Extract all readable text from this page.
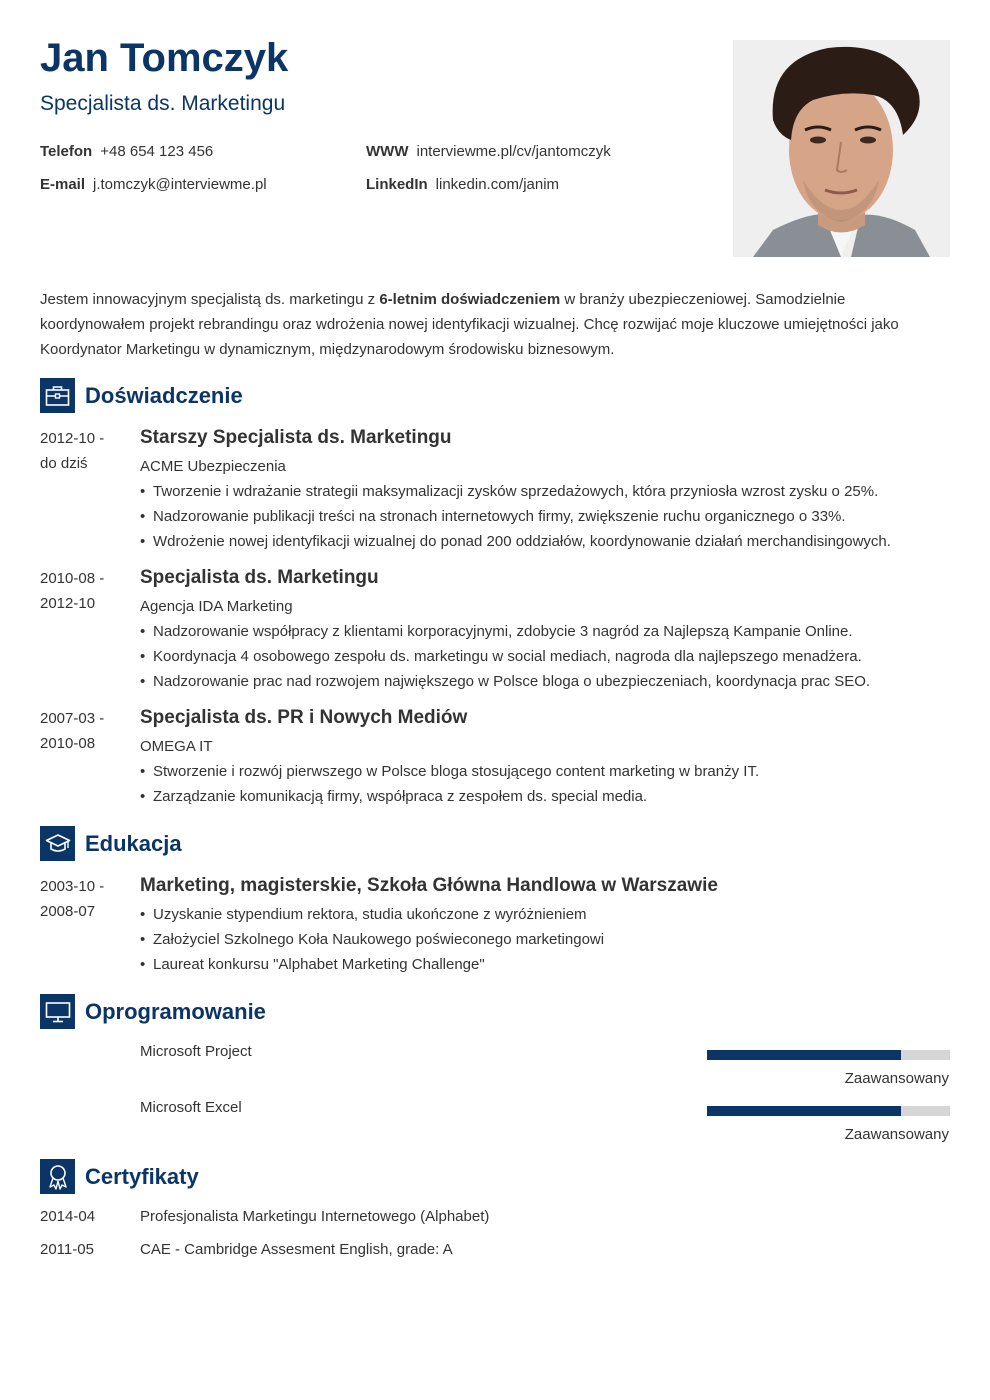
Jan Tomczyk
Specjalista ds. Marketingu
Telefon +48 654 123 456
E-mail j.tomczyk@interviewme.pl
WWW interviewme.pl/cv/jantomczyk
LinkedIn linkedin.com/janim
Jestem innowacyjnym specjalistą ds. marketingu z 6-letnim doświadczeniem w branży ubezpieczeniowej. Samodzielnie koordynowałem projekt rebrandingu oraz wdrożenia nowej identyfikacji wizualnej. Chcę rozwijać moje kluczowe umiejętności jako Koordynator Marketingu w dynamicznym, międzynarodowym środowisku biznesowym.
Doświadczenie
2012-10 -
do dziś
Starszy Specjalista ds. Marketingu
ACME Ubezpieczenia
• Tworzenie i wdrażanie strategii maksymalizacji zysków sprzedażowych, która przyniosła wzrost zysku o 25%.
• Nadzorowanie publikacji treści na stronach internetowych firmy, zwiększenie ruchu organicznego o 33%.
• Wdrożenie nowej identyfikacji wizualnej do ponad 200 oddziałów, koordynowanie działań merchandisingowych.
2010-08 -
2012-10
Specjalista ds. Marketingu
Agencja IDA Marketing
• Nadzorowanie współpracy z klientami korporacyjnymi, zdobycie 3 nagród za Najlepszą Kampanie Online.
• Koordynacja 4 osobowego zespołu ds. marketingu w social mediach, nagroda dla najlepszego menadżera.
• Nadzorowanie prac nad rozwojem największego w Polsce bloga o ubezpieczeniach, koordynacja prac SEO.
2007-03 -
2010-08
Specjalista ds. PR i Nowych Mediów
OMEGA IT
• Stworzenie i rozwój pierwszego w Polsce bloga stosującego content marketing w branży IT.
• Zarządzanie komunikacją firmy, współpraca z zespołem ds. special media.
Edukacja
2003-10 -
2008-07
Marketing, magisterskie, Szkoła Główna Handlowa w Warszawie
• Uzyskanie stypendium rektora, studia ukończone z wyróżnieniem
• Założyciel Szkolnego Koła Naukowego poświeconego marketingowi
• Laureat konkursu "Alphabet Marketing Challenge"
Oprogramowanie
Microsoft Project
Zaawansowany
Microsoft Excel
Zaawansowany
Certyfikaty
2014-04	Profesjonalista Marketingu Internetowego (Alphabet)
2011-05	CAE - Cambridge Assesment English, grade: A
